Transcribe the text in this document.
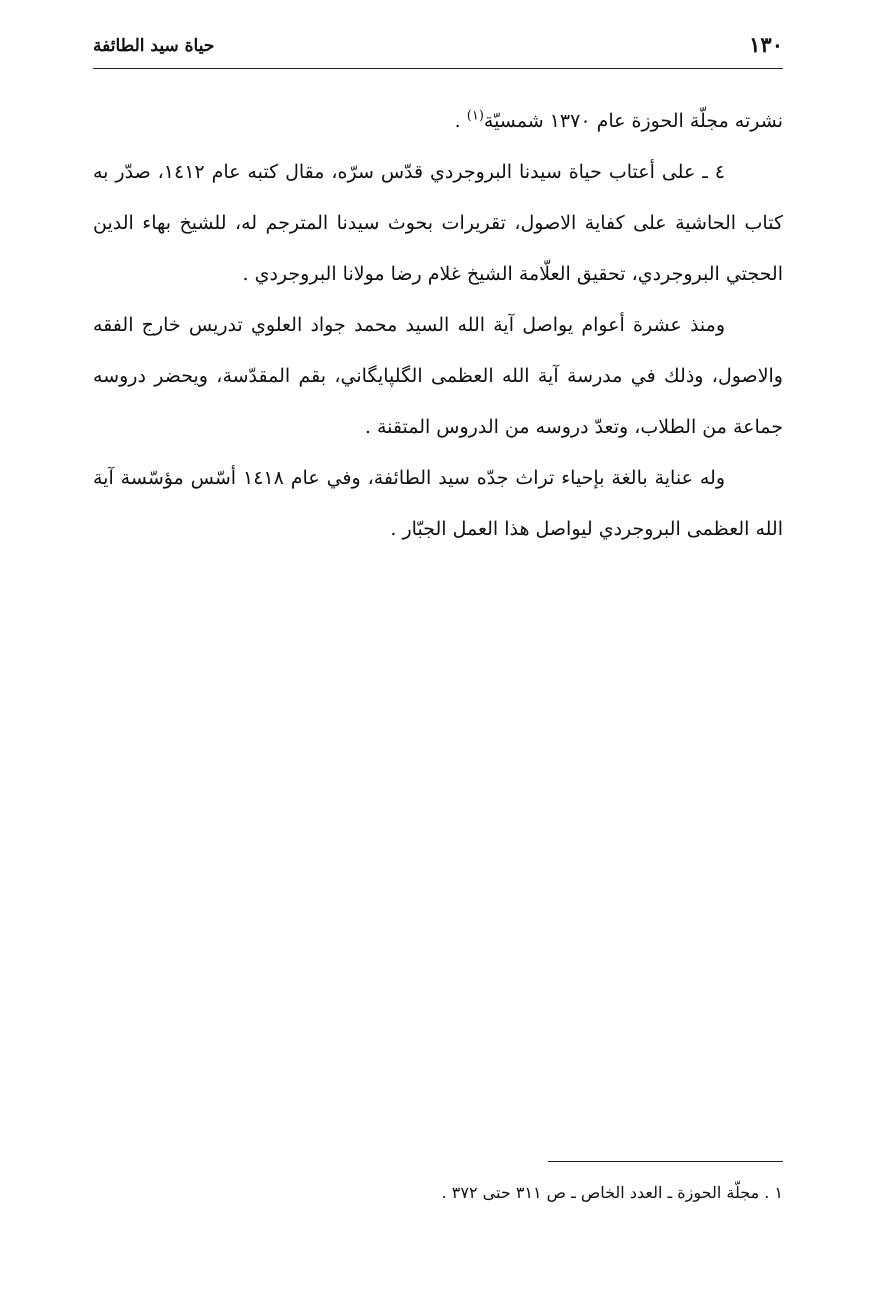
حياة سيد الطائفة	١٣٠

نشرته مجلّة الحوزة عام ١٣٧٠ شمسيّة$^{(١)}$ .

٤ ـ على أعتاب حياة سيدنا البروجردي قدّس سرّه، مقال كتبه عام ١٤١٢، صدّر به كتاب الحاشية على كفاية الاصول، تقريرات بحوث سيدنا المترجم له، للشيخ بهاء الدين الحجتي البروجردي، تحقيق العلّامة الشيخ غلام رضا مولانا البروجردي .

ومنذ عشرة أعوام يواصل آية الله السيد محمد جواد العلوي تدريس خارج الفقه والاصول، وذلك في مدرسة آية الله العظمى الگلپايگاني، بقم المقدّسة، ويحضر دروسه جماعة من الطلاب، وتعدّ دروسه من الدروس المتقنة .

وله عناية بالغة بإحياء تراث جدّه سيد الطائفة، وفي عام ١٤١٨ أسّس مؤسّسة آية الله العظمى البروجردي ليواصل هذا العمل الجبّار .

١ . مجلّة الحوزة ـ العدد الخاص ـ ص ٣١١ حتى ٣٧٢ .
